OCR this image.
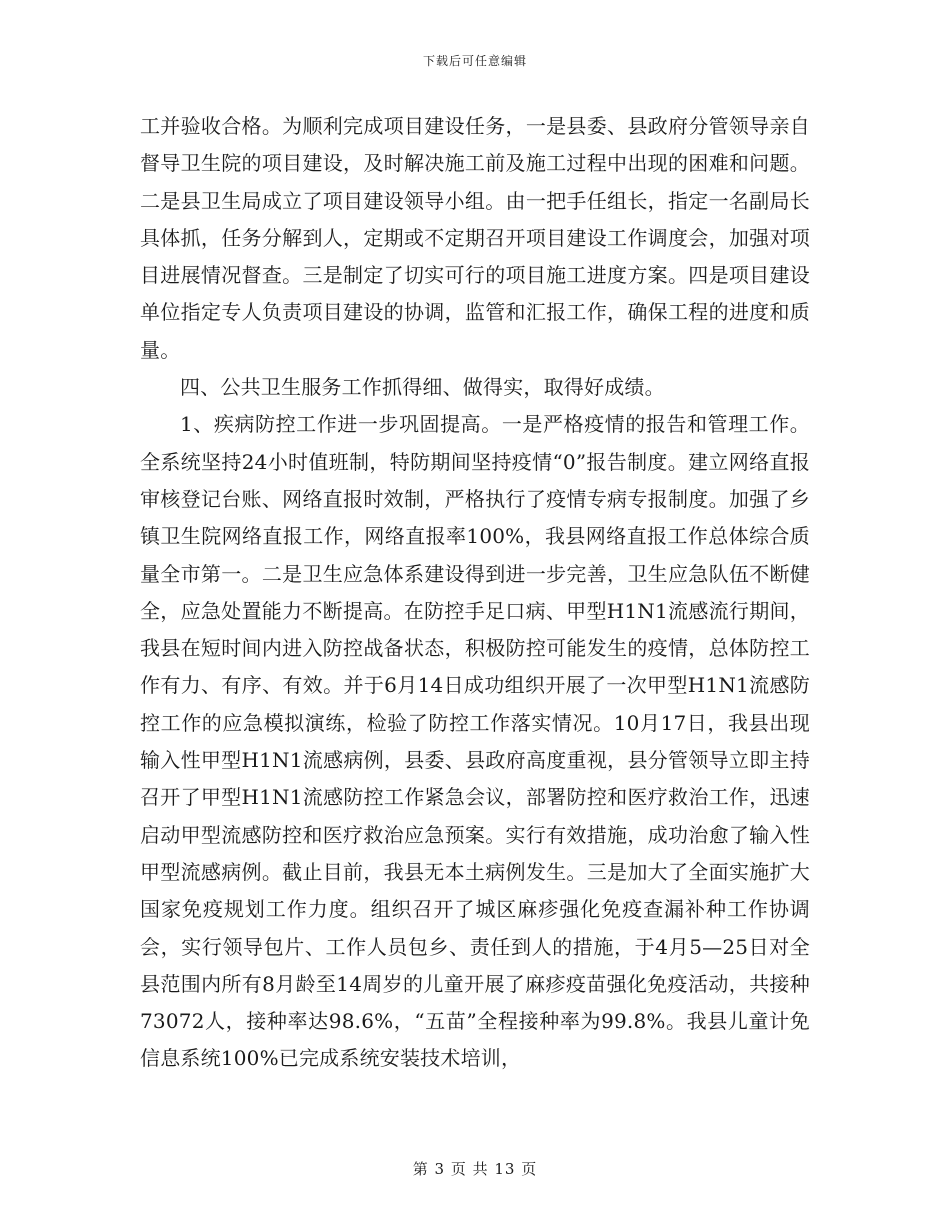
下载后可任意编辑

工并验收合格。为顺利完成项目建设任务，一是县委、县政府分管领导亲自督导卫生院的项目建设，及时解决施工前及施工过程中出现的困难和问题。二是县卫生局成立了项目建设领导小组。由一把手任组长，指定一名副局长具体抓，任务分解到人，定期或不定期召开项目建设工作调度会，加强对项目进展情况督查。三是制定了切实可行的项目施工进度方案。四是项目建设单位指定专人负责项目建设的协调，监管和汇报工作，确保工程的进度和质量。

四、公共卫生服务工作抓得细、做得实，取得好成绩。

1、疾病防控工作进一步巩固提高。一是严格疫情的报告和管理工作。全系统坚持24小时值班制，特防期间坚持疫情“0”报告制度。建立网络直报审核登记台账、网络直报时效制，严格执行了疫情专病专报制度。加强了乡镇卫生院网络直报工作，网络直报率100%，我县网络直报工作总体综合质量全市第一。二是卫生应急体系建设得到进一步完善，卫生应急队伍不断健全，应急处置能力不断提高。在防控手足口病、甲型H1N1流感流行期间，我县在短时间内进入防控战备状态，积极防控可能发生的疫情，总体防控工作有力、有序、有效。并于6月14日成功组织开展了一次甲型H1N1流感防控工作的应急模拟演练，检验了防控工作落实情况。10月17日，我县出现输入性甲型H1N1流感病例，县委、县政府高度重视，县分管领导立即主持召开了甲型H1N1流感防控工作紧急会议，部署防控和医疗救治工作，迅速启动甲型流感防控和医疗救治应急预案。实行有效措施，成功治愈了输入性甲型流感病例。截止目前，我县无本土病例发生。三是加大了全面实施扩大国家免疫规划工作力度。组织召开了城区麻疹强化免疫查漏补种工作协调会，实行领导包片、工作人员包乡、责任到人的措施，于4月5—25日对全县范围内所有8月龄至14周岁的儿童开展了麻疹疫苗强化免疫活动，共接种73072人，接种率达98.6%，“五苗”全程接种率为99.8%。我县儿童计免信息系统100%已完成系统安装技术培训，

第 3 页 共 13 页
